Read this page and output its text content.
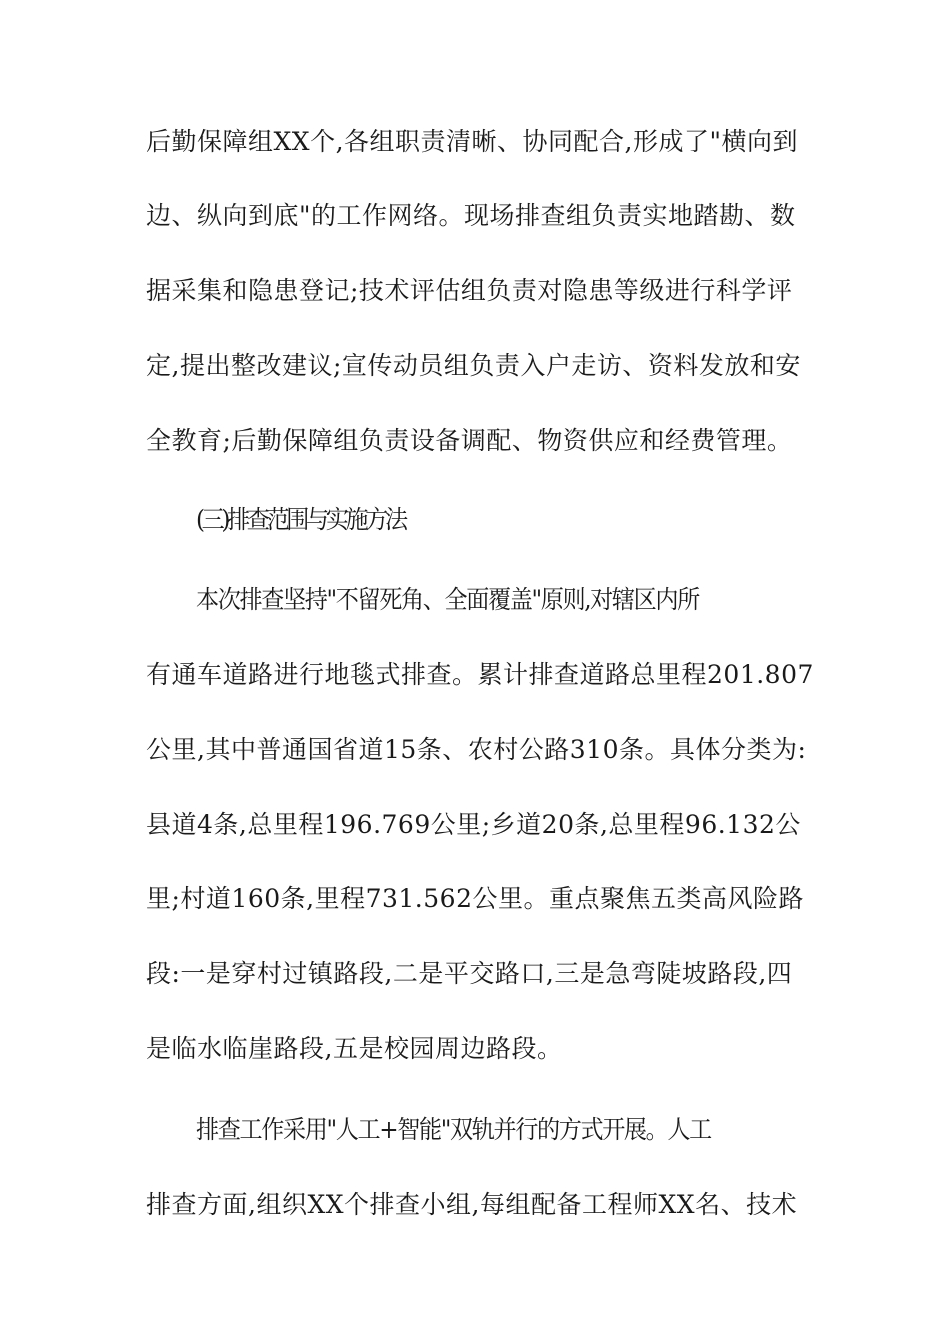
后勤保障组XX个,各组职责清晰、协同配合,形成了"横向到

边、纵向到底"的工作网络。现场排查组负责实地踏勘、数

据采集和隐患登记;技术评估组负责对隐患等级进行科学评

定,提出整改建议;宣传动员组负责入户走访、资料发放和安

全教育;后勤保障组负责设备调配、物资供应和经费管理。

(三)排查范围与实施方法

本次排查坚持"不留死角、全面覆盖"原则,对辖区内所

有通车道路进行地毯式排查。累计排查道路总里程201.807

公里,其中普通国省道15条、农村公路310条。具体分类为:

县道4条,总里程196.769公里;乡道20条,总里程96.132公

里;村道160条,里程731.562公里。重点聚焦五类高风险路

段:一是穿村过镇路段,二是平交路口,三是急弯陡坡路段,四

是临水临崖路段,五是校园周边路段。

排查工作采用"人工+智能"双轨并行的方式开展。人工

排查方面,组织XX个排查小组,每组配备工程师XX名、技术
